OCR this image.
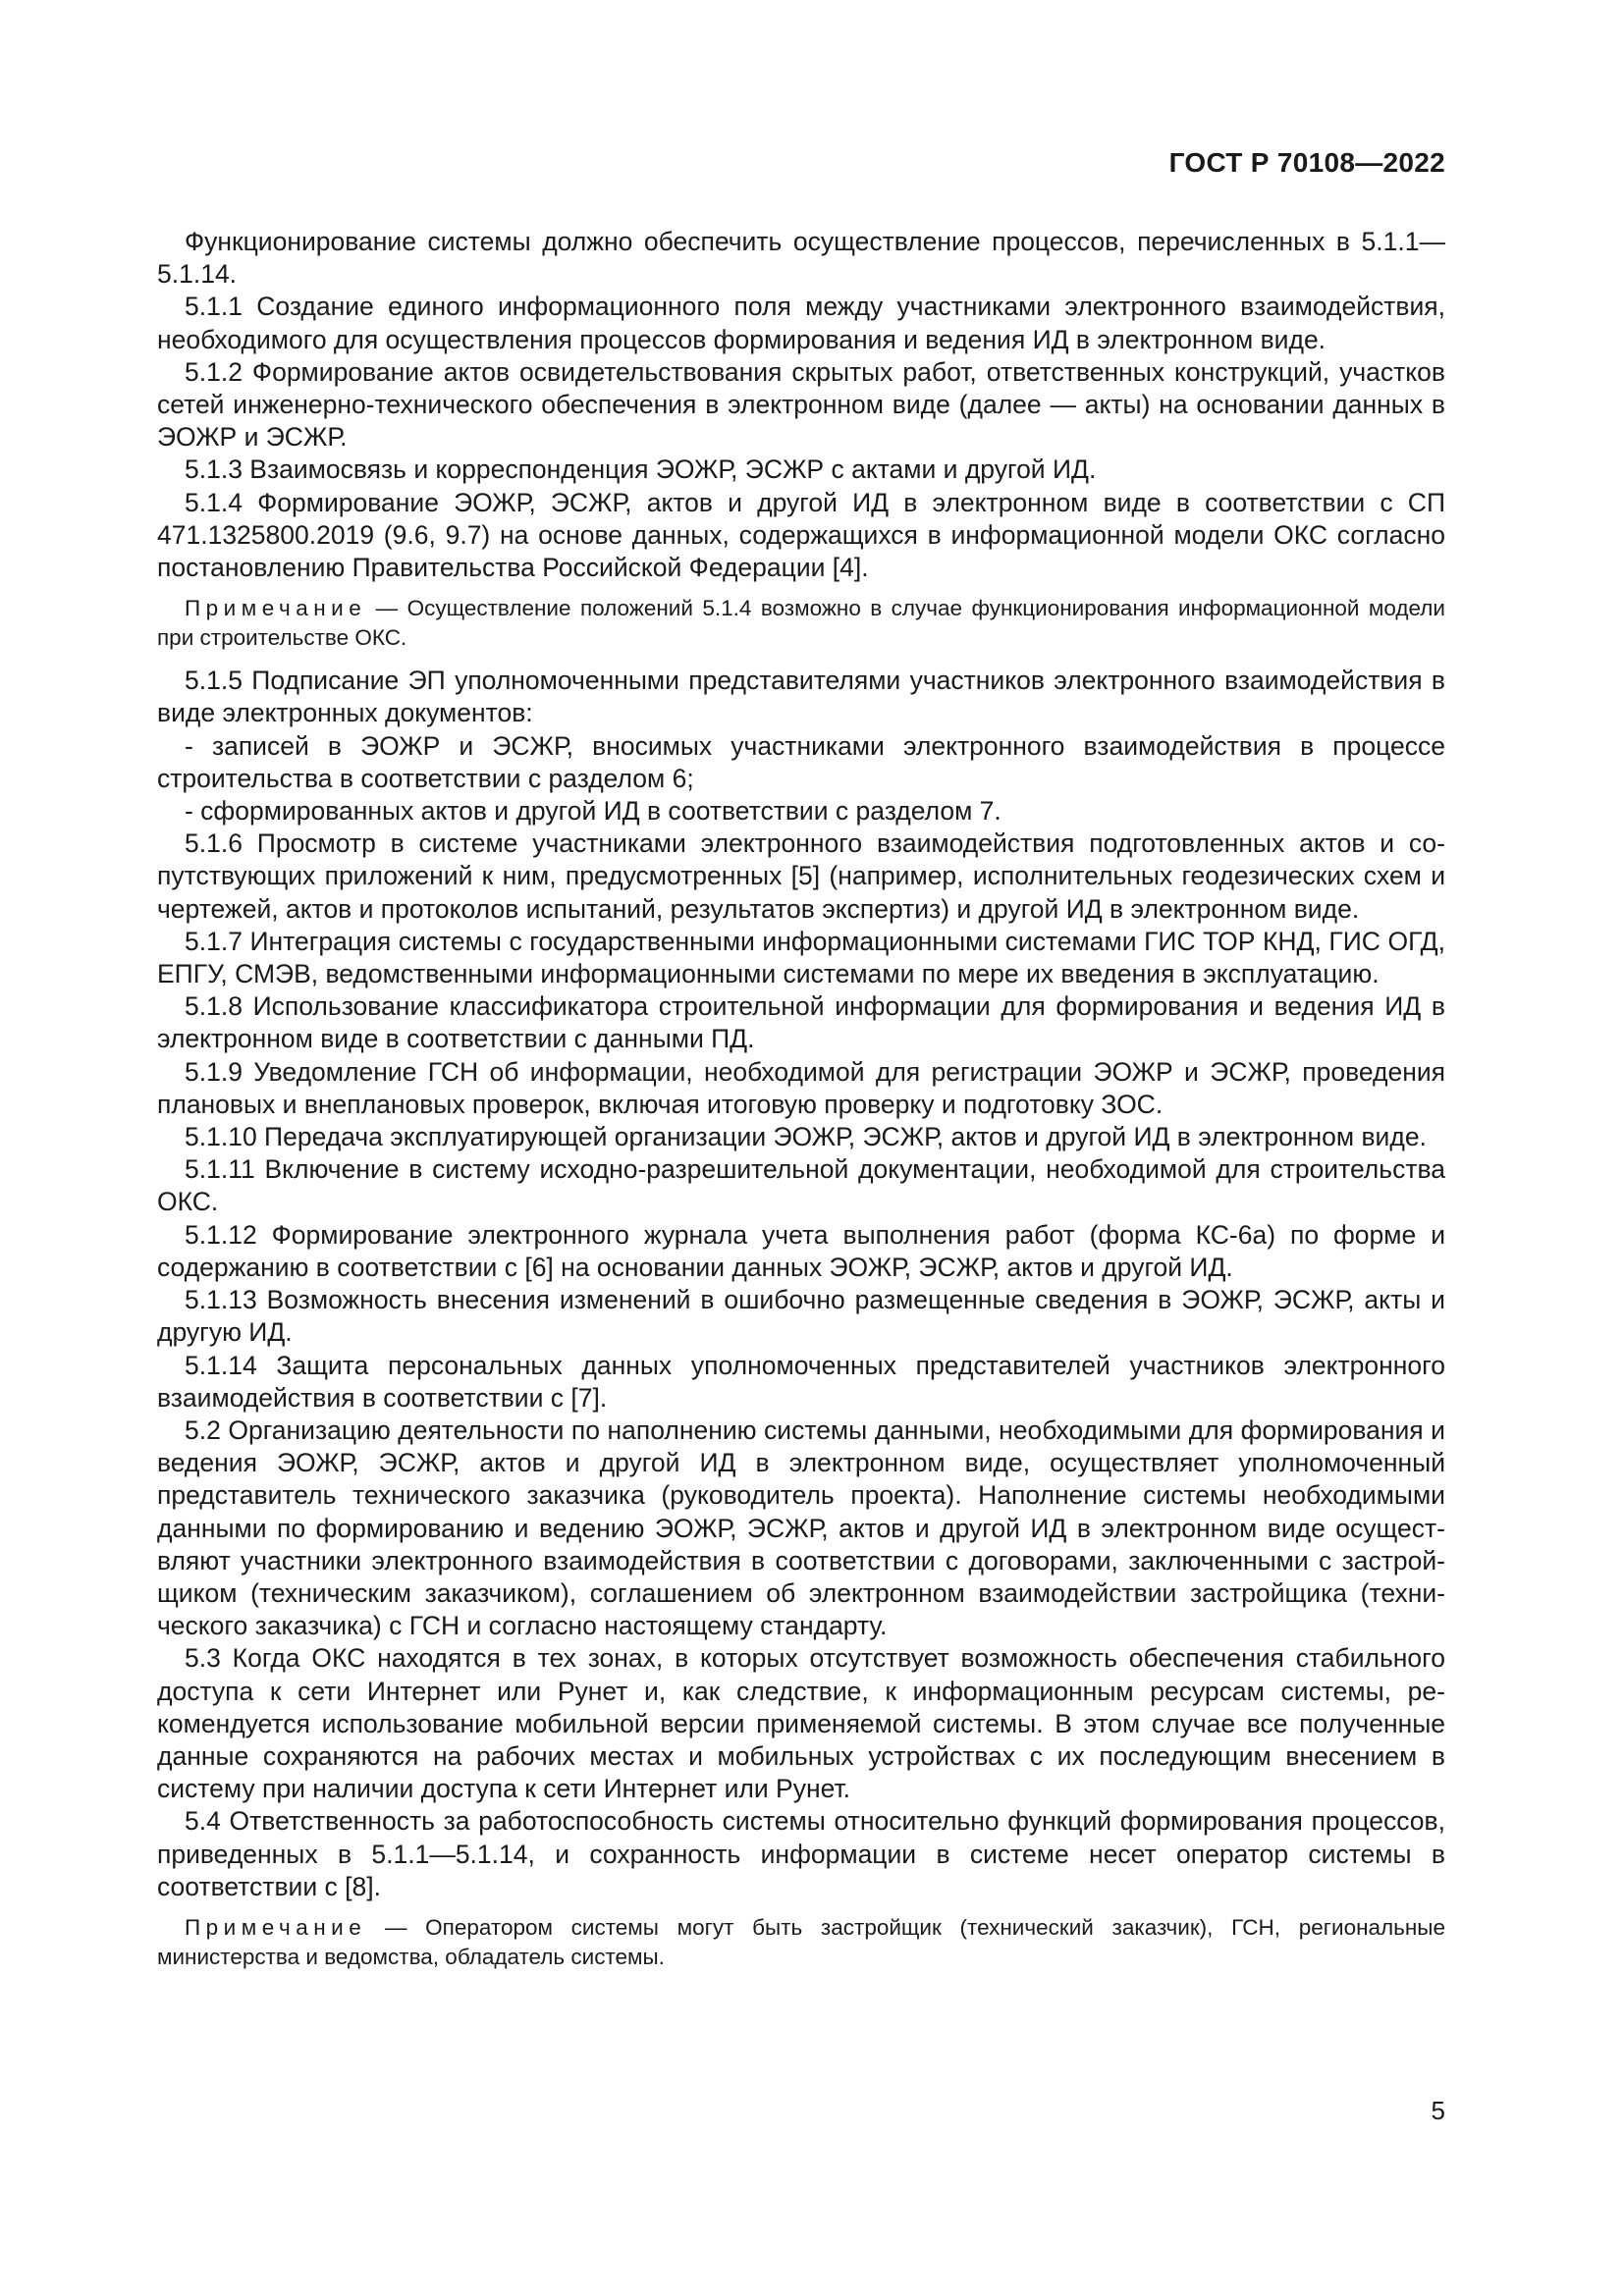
ГОСТ Р 70108—2022

Функционирование системы должно обеспечить осуществление процессов, перечисленных в 5.1.1—5.1.14.

5.1.1 Создание единого информационного поля между участниками электронного взаимодействия, необходимого для осуществления процессов формирования и ведения ИД в электронном виде.

5.1.2 Формирование актов освидетельствования скрытых работ, ответственных конструкций, участков сетей инженерно-технического обеспечения в электронном виде (далее — акты) на основании данных в ЭОЖР и ЭСЖР.

5.1.3 Взаимосвязь и корреспонденция ЭОЖР, ЭСЖР с актами и другой ИД.

5.1.4 Формирование ЭОЖР, ЭСЖР, актов и другой ИД в электронном виде в соответствии с СП 471.1325800.2019 (9.6, 9.7) на основе данных, содержащихся в информационной модели ОКС согласно постановлению Правительства Российской Федерации [4].

Примечание — Осуществление положений 5.1.4 возможно в случае функционирования информационной модели при строительстве ОКС.

5.1.5 Подписание ЭП уполномоченными представителями участников электронного взаимодействия в виде электронных документов:

- записей в ЭОЖР и ЭСЖР, вносимых участниками электронного взаимодействия в процессе строительства в соответствии с разделом 6;

- сформированных актов и другой ИД в соответствии с разделом 7.

5.1.6 Просмотр в системе участниками электронного взаимодействия подготовленных актов и сопутствующих приложений к ним, предусмотренных [5] (например, исполнительных геодезических схем и чертежей, актов и протоколов испытаний, результатов экспертиз) и другой ИД в электронном виде.

5.1.7 Интеграция системы с государственными информационными системами ГИС ТОР КНД, ГИС ОГД, ЕПГУ, СМЭВ, ведомственными информационными системами по мере их введения в эксплуатацию.

5.1.8 Использование классификатора строительной информации для формирования и ведения ИД в электронном виде в соответствии с данными ПД.

5.1.9 Уведомление ГСН об информации, необходимой для регистрации ЭОЖР и ЭСЖР, проведения плановых и внеплановых проверок, включая итоговую проверку и подготовку ЗОС.

5.1.10 Передача эксплуатирующей организации ЭОЖР, ЭСЖР, актов и другой ИД в электронном виде.

5.1.11 Включение в систему исходно-разрешительной документации, необходимой для строительства ОКС.

5.1.12 Формирование электронного журнала учета выполнения работ (форма КС-6а) по форме и содержанию в соответствии с [6] на основании данных ЭОЖР, ЭСЖР, актов и другой ИД.

5.1.13 Возможность внесения изменений в ошибочно размещенные сведения в ЭОЖР, ЭСЖР, акты и другую ИД.

5.1.14 Защита персональных данных уполномоченных представителей участников электронного взаимодействия в соответствии с [7].

5.2 Организацию деятельности по наполнению системы данными, необходимыми для формирования и ведения ЭОЖР, ЭСЖР, актов и другой ИД в электронном виде, осуществляет уполномоченный представитель технического заказчика (руководитель проекта). Наполнение системы необходимыми данными по формированию и ведению ЭОЖР, ЭСЖР, актов и другой ИД в электронном виде осуществляют участники электронного взаимодействия в соответствии с договорами, заключенными с застройщиком (техническим заказчиком), соглашением об электронном взаимодействии застройщика (технического заказчика) с ГСН и согласно настоящему стандарту.

5.3 Когда ОКС находятся в тех зонах, в которых отсутствует возможность обеспечения стабильного доступа к сети Интернет или Рунет и, как следствие, к информационным ресурсам системы, рекомендуется использование мобильной версии применяемой системы. В этом случае все полученные данные сохраняются на рабочих местах и мобильных устройствах с их последующим внесением в систему при наличии доступа к сети Интернет или Рунет.

5.4 Ответственность за работоспособность системы относительно функций формирования процессов, приведенных в 5.1.1—5.1.14, и сохранность информации в системе несет оператор системы в соответствии с [8].

Примечание — Оператором системы могут быть застройщик (технический заказчик), ГСН, региональные министерства и ведомства, обладатель системы.

5
